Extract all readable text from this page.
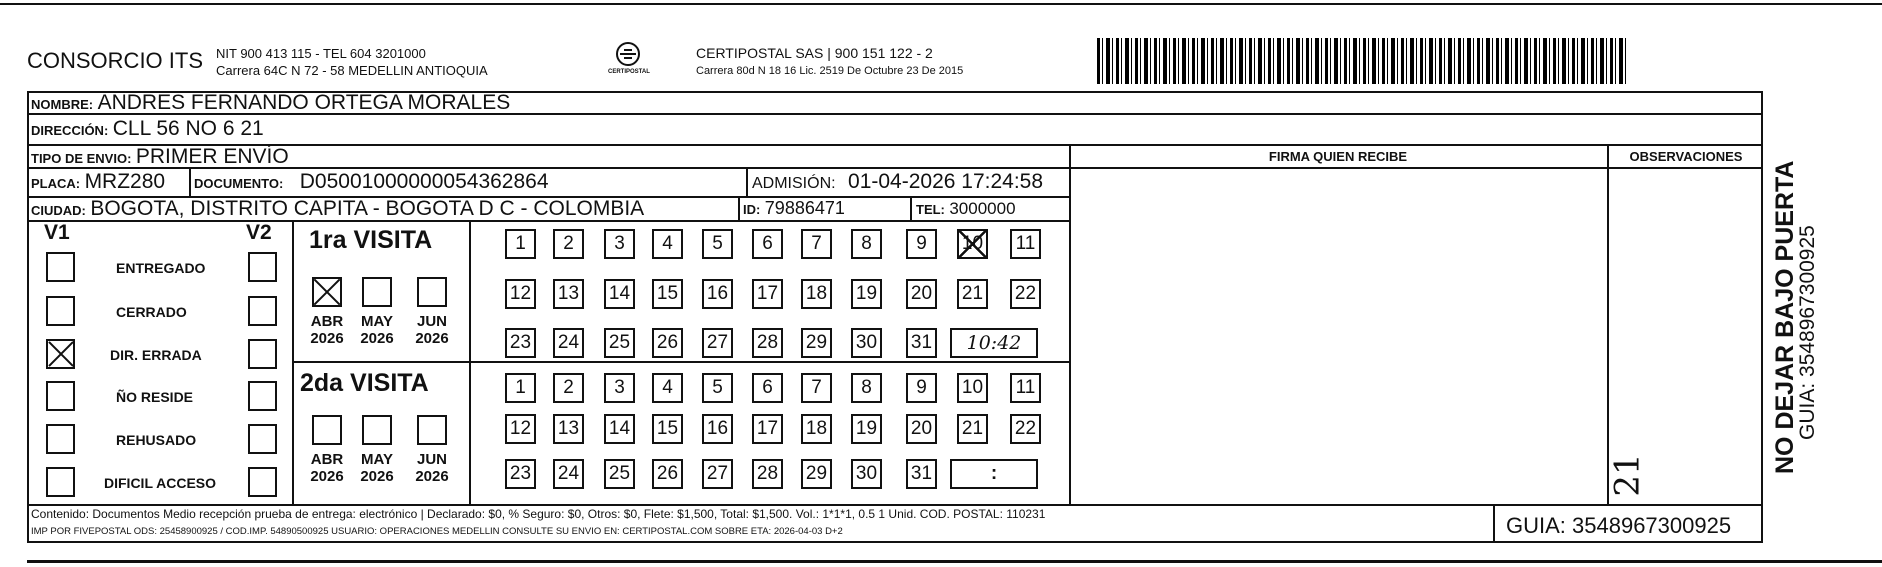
CONSORCIO ITS NIT 900 413 115 - TEL 604 3201000
Carrera 64C N 72 - 58 MEDELLIN ANTIOQUIA	CERTIPOSTAL
CERTIPOSTAL SAS | 900 151 122 - 2
Carrera 80d N 18 16 Lic. 2519 De Octubre 23 De 2015
NOMBRE: ANDRES FERNANDO ORTEGA MORALES
DIRECCIÓN: CLL 56 NO 6 21
TIPO DE ENVIO: PRIMER ENVÍO	FIRMA QUIEN RECIBE	OBSERVACIONES
PLACA: MRZ280 DOCUMENTO: D05001000000054362864	ADMISIÓN: 01-04-2026 17:24:58
CIUDAD: BOGOTA, DISTRITO CAPITA - BOGOTA D C - COLOMBIA	ID: 79886471	TEL: 3000000
V1	V2
ENTREGADO
CERRADO
DIR. ERRADA
ÑO RESIDE
REHUSADO
DIFICIL ACCESO
1ra VISITA
2da VISITA
1	2	3	4	5	6	7	8	9	10 11
12 13 14 15 16 17 18 19 20 21 22
23 24 25 26 27 28 29 30 31
1	2	3	4	5	6	7	8	9	10 11
12 13 14 15 16 17 18 19 20 21 22
23 24 25 26 27 28 29 30 31
ABR
2026
MAY
2026
JUN
2026
ABR
2026
MAY
2026
JUN
2026
10:42
:	21
Contenido: Documentos Medio recepción prueba de entrega: electrónico | Declarado: $0, % Seguro: $0, Otros: $0, Flete: $1,500, Total: $1,500. Vol.: 1*1*1, 0.5 1 Unid. COD. POSTAL: 110231
IMP POR FIVEPOSTAL ODS: 25458900925 / COD.IMP. 54890500925 USUARIO: OPERACIONES MEDELLIN CONSULTE SU ENVIO EN: CERTIPOSTAL.COM SOBRE ETA: 2026-04-03 D+2	GUIA: 3548967300925
NO DEJAR BAJO PUERTA
GUIA: 3548967300925
